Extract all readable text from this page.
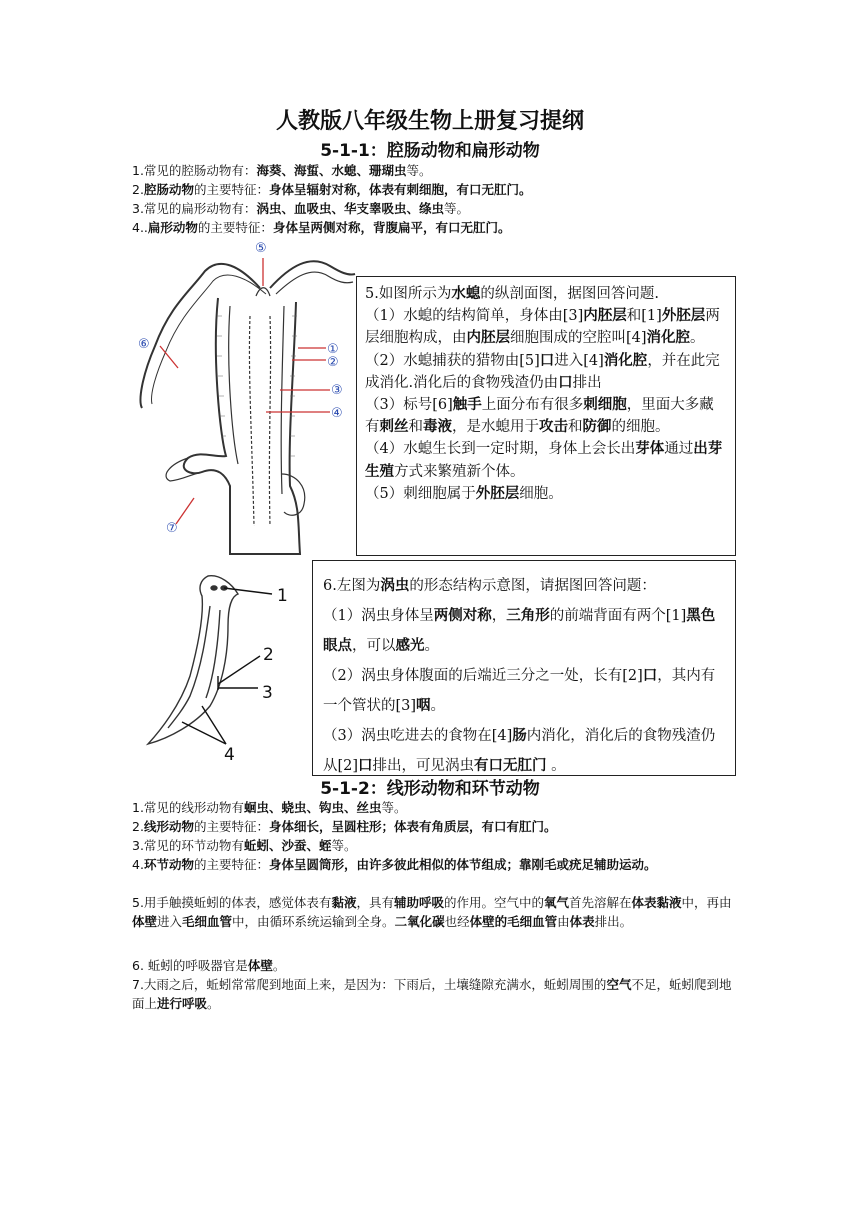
人教版八年级生物上册复习提纲
5-1-1：腔肠动物和扁形动物
1.常见的腔肠动物有：海葵、海蜇、水螅、珊瑚虫等。
2.腔肠动物的主要特征：身体呈辐射对称，体表有刺细胞，有口无肛门。
3.常见的扁形动物有：涡虫、血吸虫、华支睾吸虫、绦虫等。
4..扁形动物的主要特征：身体呈两侧对称，背腹扁平，有口无肛门。
⑤
⑥	①
②
③
④
⑦

5.如图所示为水螅的纵剖面图，据图回答问题.

（1）水螅的结构简单，身体由[3]内胚层和[1]外胚层两层细胞构成，由内胚层细胞围成的空腔叫[4]消化腔。

（2）水螅捕获的猎物由[5]口进入[4]消化腔，并在此完成消化.消化后的食物残渣仍由口排出

（3）标号[6]触手上面分布有很多刺细胞，里面大多藏有刺丝和毒液，是水螅用于攻击和防御的细胞。

（4）水螅生长到一定时期，身体上会长出芽体通过出芽生殖方式来繁殖新个体。

（5）刺细胞属于外胚层细胞。

1
2
3
4

6.左图为涡虫的形态结构示意图，请据图回答问题：

（1）涡虫身体呈两侧对称，三角形的前端背面有两个[1]黑色眼点，可以感光。

（2）涡虫身体腹面的后端近三分之一处，长有[2]口，其内有一个管状的[3]咽。

（3）涡虫吃进去的食物在[4]肠内消化，消化后的食物残渣仍从[2]口排出，可见涡虫有口无肛门 。

5-1-2：线形动物和环节动物
1.常见的线形动物有蛔虫、蛲虫、钩虫、丝虫等。
2.线形动物的主要特征：身体细长，呈圆柱形；体表有角质层，有口有肛门。
3.常见的环节动物有蚯蚓、沙蚕、蛭等。
4.环节动物的主要特征：身体呈圆筒形，由许多彼此相似的体节组成；靠刚毛或疣足辅助运动。
5.用手触摸蚯蚓的体表，感觉体表有黏液，具有辅助呼吸的作用。空气中的氧气首先溶解在体表黏液中，再由体壁进入毛细血管中，由循环系统运输到全身。二氧化碳也经体壁的毛细血管由体表排出。
6. 蚯蚓的呼吸器官是体壁。
7.大雨之后，蚯蚓常常爬到地面上来，是因为：下雨后，土壤缝隙充满水，蚯蚓周围的空气不足，蚯蚓爬到地面上进行呼吸。
